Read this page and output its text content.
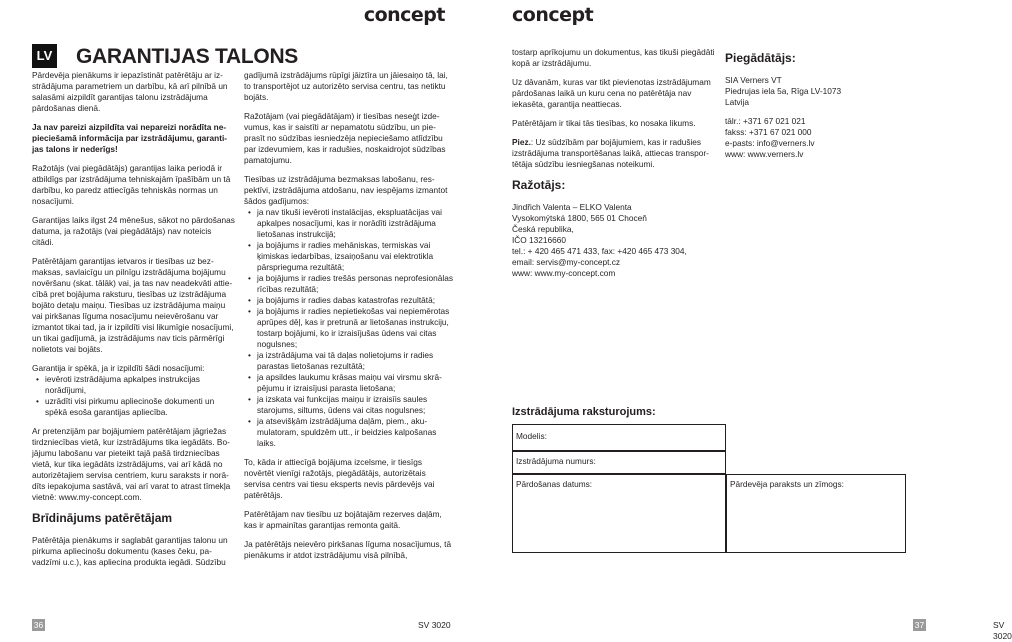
concept
LV GARANTIJAS TALONS

Pārdevēja pienākums ir iepazīstināt patērētāju ar izstrādājuma parametriem un darbību, kā arī pilnībā un salasāmi aizpildīt garantijas talonu izstrādājuma pārdošanas dienā.

Ja nav pareizi aizpildīta vai nepareizi norādīta nepieciešamā informācija par izstrādājumu, garantijas talons ir nederīgs!

Ražotājs (vai piegādātājs) garantijas laika periodā ir atbildīgs par izstrādājuma tehniskajām īpašībām un tā darbību, ko paredz attiecīgās tehniskās normas un nosacījumi.

Garantijas laiks ilgst 24 mēnešus, sākot no pārdošanas datuma, ja ražotājs (vai piegādātājs) nav noteicis citādi.

Patērētājam garantijas ietvaros ir tiesības uz bezmaksas, savlaicīgu un pilnīgu izstrādājuma bojājumu novēršanu (skat. tālāk) vai, ja tas nav neadekvāti attiecībā pret bojājuma raksturu, tiesības uz izstrādājuma bojāto detaļu maiņu. Tiesības uz izstrādājuma maiņu vai pirkšanas līguma nosacījumu neievērošanu var izmantot tikai tad, ja ir izpildīti visi likumīgie nosacījumi, un tikai gadījumā, ja izstrādājums nav ticis pārmērīgi nolietots vai bojāts.

Garantija ir spēkā, ja ir izpildīti šādi nosacījumi:

• ievēroti izstrādājuma apkalpes instrukcijas norādījumi,
• uzrādīti visi pirkumu apliecinoše dokumenti un spēkā esoša garantijas apliecība.

Ar pretenzijām par bojājumiem patērētājam jāgriežas tirdzniecības vietā, kur izstrādājums tika iegādāts. Bojājumu labošanu var pieteikt tajā pašā tirdzniecības vietā, kur tika iegādāts izstrādājums, vai arī kādā no autorizētajiem servisa centriem, kuru saraksts ir norādīts iepakojuma sastāvā, vai arī varat to atrast tīmekļa vietnē: www.my-concept.com.

Brīdinājums patērētājam

Patērētāja pienākums ir saglabāt garantijas talonu un pirkuma apliecinošu dokumentu (kases čeku, pavadzīmi u.c.), kas apliecina produkta iegādi. Sūdzību

gadījumā izstrādājums rūpīgi jāiztīra un jāiesaiņo tā, lai, to transportējot uz autorizēto servisa centru, tas netiktu bojāts.

Ražotājam (vai piegādātājam) ir tiesības neseġt izdevumus, kas ir saistīti ar nepamatotu sūdzību, un pieprasīt no sūdzības iesniedzēja nepieciešamo atlīdzību par izdevumiem, kas ir radušies, noskaidrojot sūdzības pamatojumu.

Tiesības uz izstrādājuma bezmaksas labošanu, respektīvi, izstrādājuma atdošanu, nav iespējams izmantot šādos gadījumos:

• ja nav tikuši ievēroti instalācijas, ekspluatācijas vai apkalpes nosacījumi, kas ir norādīti izstrādājuma lietošanas instrukcijā;
• ja bojājums ir radies mehāniskas, termiskas vai ķimiskas iedarbības, izsaiņošanu vai elektrotikla pārspriegumа rezultātā;
• ja bojājums ir radies trešās personas neprofesionālas rīcības rezultātā;
• ja bojājums ir radies dabas katastrofas rezultātā;
• ja bojājums ir radies nepietiekošas vai nepiemērotas aprūpes dēļ, kas ir pretrunā ar lietošanas instrukciju, tostarp bojājumi, ko ir izraisījušas ūdens vai citas nogulsnes;
• ja izstrādājuma vai tā daļas nolietojums ir radies parastas lietošanas rezultātā;
• ja apsildes laukumu krāsas maiņu vai virsmu skrāpējumu ir izraisījusi parasta lietošana;
• ja izskata vai funkcijas maiņu ir izraisīis saules starojums, siltums, ūdens vai citas nogulsnes;
• ja atsevišķām izstrādājuma daļām, piem., akumulatoram, spuldzēm utt., ir beidzies kalpošanas laiks.

To, kāda ir attiecīgā bojājuma izcelsme, ir tiesīgs novērtēt vienīgi ražotājs, piegādātājs, autorizētais servisa centrs vai tiesu eksperts nevis pārdevējs vai patērētājs.

Patērētājam nav tiesību uz bojātajām rezerves daļām, kas ir apmainītas garantijas remonta gaitā.

Ja patērētājs neievēro pirkšanas līguma nosacījumus, tā pienākums ir atdot izstrādājumu visā pilnībā,

36	SV 3020
concept

tostarp aprīkojumu un dokumentus, kas tikuši piegādāti kopā ar izstrādājumu.

Uz dāvanām, kuras var tikt pievienotas izstrādājumam pārdošanas laikā un kuru cena no patērētāja nav iekasēta, garantija neattiecas.

Patērētājam ir tikai tās tiesības, ko nosaka likums.

Piez.: Uz sūdzībām par bojājumiem, kas ir radušies izstrādājuma transportēšanas laikā, attiecas transportētāja sūdzību iesniegšanas noteikumi.

Ražotājs:

Jindřich Valenta – ELKO Valenta

Vysokomýtská 1800, 565 01 Choceň

Česká republika,

IČO 13216660

tel.: + 420 465 471 433, fax: +420 465 473 304,

email: servis@my-concept.cz

www: www.my-concept.com

Piegādātājs:

SIA Verners VT

Piedrujas iela 5a, Rīga LV-1073

Latvija

tālr.: +371 67 021 021

fakss: +371 67 021 000

e-pasts: info@verners.lv

www: www.verners.lv

Izstrādājuma raksturojums:
Modelis:
Izstrādājuma numurs:
Pārdošanas datums:	Pārdevēja paraksts un zīmogs:
SV 3020
37
